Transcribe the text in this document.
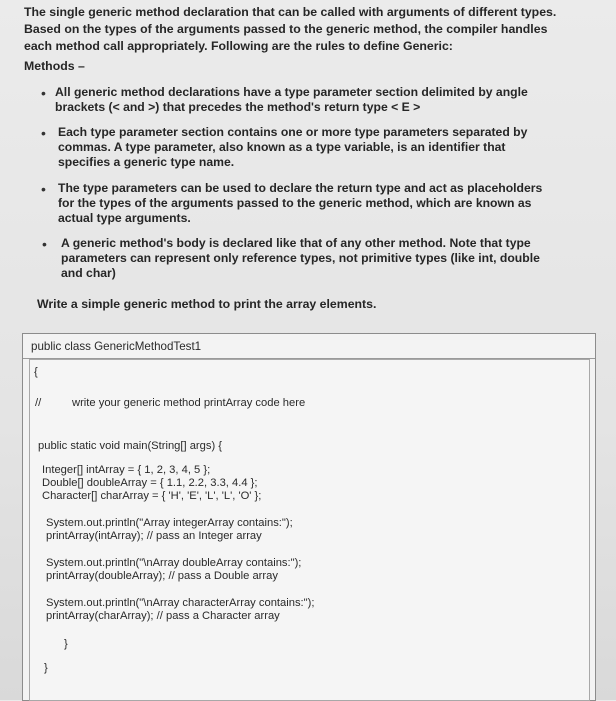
The single generic method declaration that can be called with arguments of different types.
Based on the types of the arguments passed to the generic method, the compiler handles
each method call appropriately. Following are the rules to define Generic:
Methods –
• All generic method declarations have a type parameter section delimited by angle
brackets (< and >) that precedes the method's return type < E >
• Each type parameter section contains one or more type parameters separated by
commas. A type parameter, also known as a type variable, is an identifier that
specifies a generic type name.
• The type parameters can be used to declare the return type and act as placeholders
for the types of the arguments passed to the generic method, which are known as
actual type arguments.
• A generic method's body is declared like that of any other method. Note that type
parameters can represent only reference types, not primitive types (like int, double
and char)
Write a simple generic method to print the array elements.
public class GenericMethodTest1
{
//	write your generic method printArray code here
public static void main(String[] args) {
Integer[] intArray = { 1, 2, 3, 4, 5 };
Double[] doubleArray = { 1.1, 2.2, 3.3, 4.4 };
Character[] charArray = { 'H', 'E', 'L', 'L', 'O' };
System.out.println("Array integerArray contains:");
printArray(intArray); // pass an Integer array
System.out.println("\nArray doubleArray contains:");
printArray(doubleArray); // pass a Double array
System.out.println("\nArray characterArray contains:");
printArray(charArray); // pass a Character array
}
}
